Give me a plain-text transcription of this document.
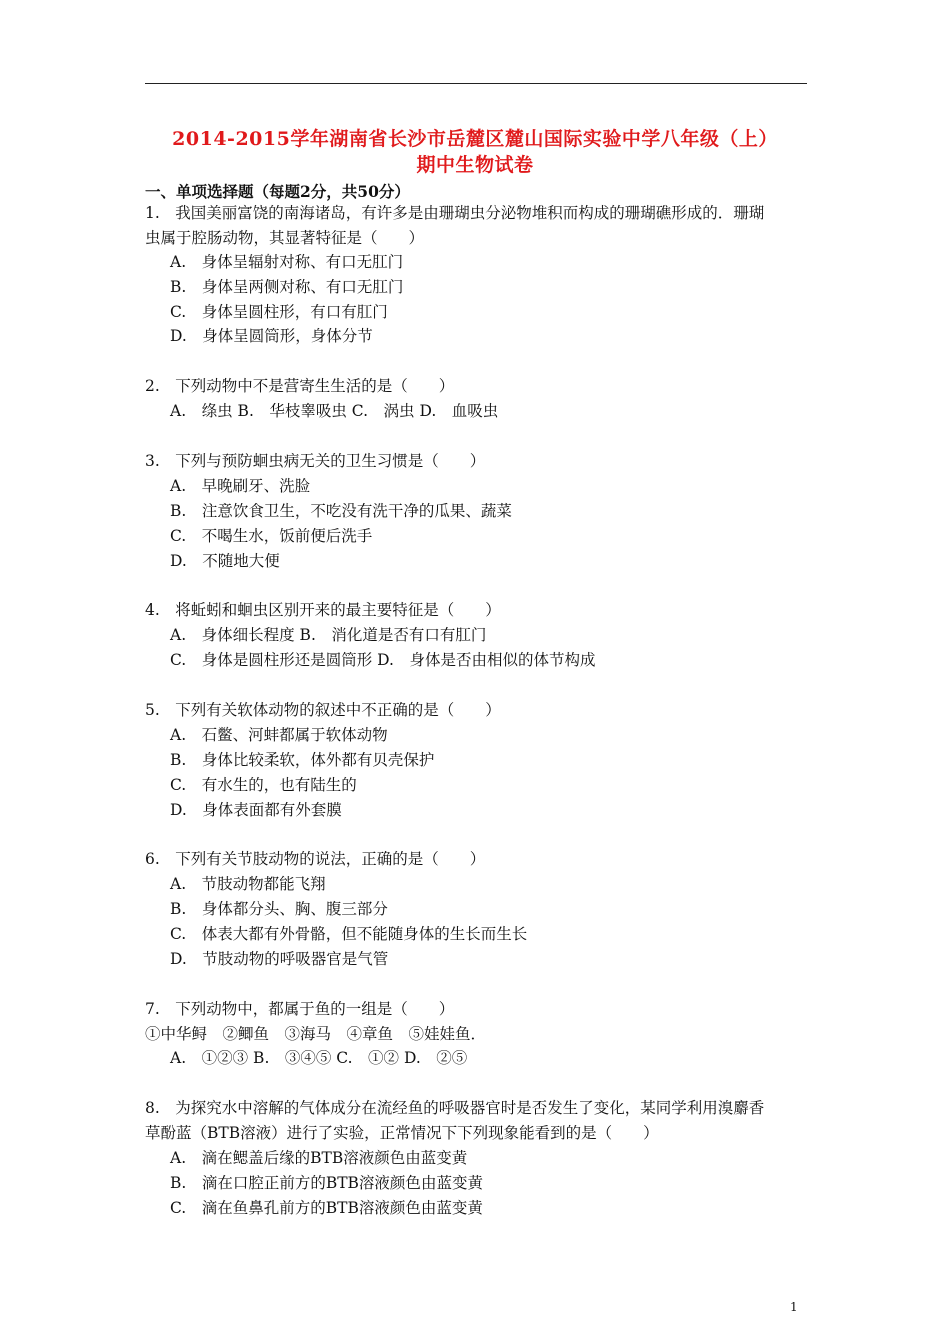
2014-2015学年湖南省长沙市岳麓区麓山国际实验中学八年级（上）
期中生物试卷
一、单项选择题（每题2分，共50分）
1.　我国美丽富饶的南海诸岛，有许多是由珊瑚虫分泌物堆积而构成的珊瑚礁形成的．珊瑚
虫属于腔肠动物，其显著特征是（　　）
A.　身体呈辐射对称、有口无肛门
B.　身体呈两侧对称、有口无肛门
C.　身体呈圆柱形，有口有肛门
D.　身体呈圆筒形，身体分节
2.　下列动物中不是营寄生生活的是（　　）
A.　绦虫 B.　华枝睾吸虫 C.　涡虫 D.　血吸虫
3.　下列与预防蛔虫病无关的卫生习惯是（　　）
A.　早晚刷牙、洗脸
B.　注意饮食卫生，不吃没有洗干净的瓜果、蔬菜
C.　不喝生水，饭前便后洗手
D.　不随地大便
4.　将蚯蚓和蛔虫区别开来的最主要特征是（　　）
A.　身体细长程度 B.　消化道是否有口有肛门
C.　身体是圆柱形还是圆筒形 D.　身体是否由相似的体节构成
5.　下列有关软体动物的叙述中不正确的是（　　）
A.　石鳖、河蚌都属于软体动物
B.　身体比较柔软，体外都有贝壳保护
C.　有水生的，也有陆生的
D.　身体表面都有外套膜
6.　下列有关节肢动物的说法，正确的是（　　）
A.　节肢动物都能飞翔
B.　身体都分头、胸、腹三部分
C.　体表大都有外骨骼，但不能随身体的生长而生长
D.　节肢动物的呼吸器官是气管
7.　下列动物中，都属于鱼的一组是（　　）
①中华鲟　②鲫鱼　③海马　④章鱼　⑤娃娃鱼．
A.　①②③ B.　③④⑤ C.　①② D.　②⑤
8.　为探究水中溶解的气体成分在流经鱼的呼吸器官时是否发生了变化，某同学利用溴麝香
草酚蓝（BTB溶液）进行了实验，正常情况下下列现象能看到的是（　　）
A.　滴在鳃盖后缘的BTB溶液颜色由蓝变黄
B.　滴在口腔正前方的BTB溶液颜色由蓝变黄
C.　滴在鱼鼻孔前方的BTB溶液颜色由蓝变黄
1
